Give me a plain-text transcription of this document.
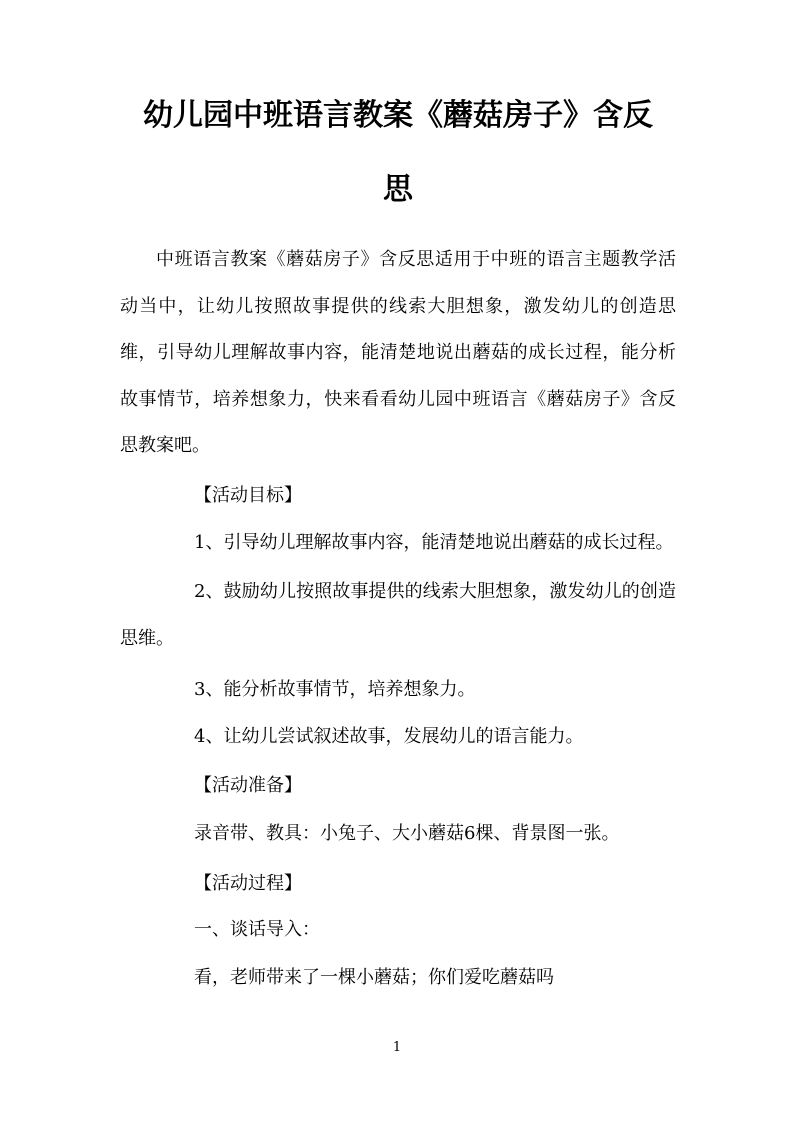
幼儿园中班语言教案《蘑菇房子》含反
思

中班语言教案《蘑菇房子》含反思适用于中班的语言主题教学活动当中，让幼儿按照故事提供的线索大胆想象，激发幼儿的创造思维，引导幼儿理解故事内容，能清楚地说出蘑菇的成长过程，能分析故事情节，培养想象力，快来看看幼儿园中班语言《蘑菇房子》含反思教案吧。

【活动目标】

1、引导幼儿理解故事内容，能清楚地说出蘑菇的成长过程。

2、鼓励幼儿按照故事提供的线索大胆想象，激发幼儿的创造思维。

3、能分析故事情节，培养想象力。

4、让幼儿尝试叙述故事，发展幼儿的语言能力。

【活动准备】

录音带、教具：小兔子、大小蘑菇6棵、背景图一张。

【活动过程】

一、谈话导入：

看，老师带来了一棵小蘑菇；你们爱吃蘑菇吗

1
